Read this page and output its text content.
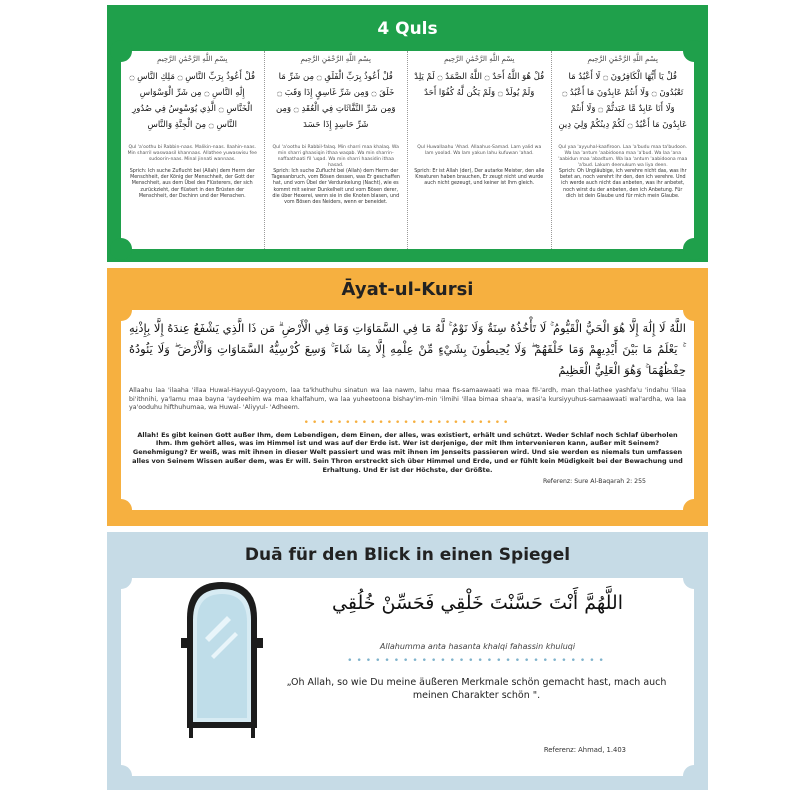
4 Quls
بِسْمِ اللَّهِ الرَّحْمَٰنِ الرَّحِيمِ
قُلْ أَعُوذُ بِرَبِّ النَّاسِ ۝ مَلِكِ النَّاسِ ۝ إِلَٰهِ النَّاسِ ۝ مِن شَرِّ الْوَسْوَاسِ الْخَنَّاسِ ۝ الَّذِي يُوَسْوِسُ فِي صُدُورِ النَّاسِ ۝ مِنَ الْجِنَّةِ وَالنَّاسِ
Qul 'a'oothu bi Rabbin-naas. Malikin-naas. Ilaahin-naas. Min sharril waswaasil khannaas. Allathee yuwaswisu fee sudoorin-naas. Minal jinnati wannaas.
Sprich: Ich suche Zuflucht bei (Allah) dem Herrn der Menschheit, der König der Menschheit, der Gott der Menschheit, aus dem Übel des Flüsterers, der sich zurückzieht, der flüstert in den Brüsten der Menschheit, der Dschinn und der Menschen.
بِسْمِ اللَّهِ الرَّحْمَٰنِ الرَّحِيمِ
قُلْ أَعُوذُ بِرَبِّ الْفَلَقِ ۝ مِن شَرِّ مَا خَلَقَ ۝ وَمِن شَرِّ غَاسِقٍ إِذَا وَقَبَ ۝ وَمِن شَرِّ النَّفَّاثَاتِ فِي الْعُقَدِ ۝ وَمِن شَرِّ حَاسِدٍ إِذَا حَسَدَ
Qul 'a'oothu bi Rabbil-falaq. Min sharri maa khalaq. Wa min sharri ghaasiqin ithaa waqab. Wa min sharrin-naffaathaati fil 'uqad. Wa min sharri haasidin ithaa hasad.
Sprich: Ich suche Zuflucht bei (Allah) dem Herrn der Tagesanbruch, vom Bösen dessen, was Er geschaffen hat, und vom Übel der Verdunkelung (Nacht), wie es kommt mit seiner Dunkelheit und vom Bösen derer, die über Hexerei, wenn sie in die Knoten blasen, und vom Bösen des Neiders, wenn er beneidet.
بِسْمِ اللَّهِ الرَّحْمَٰنِ الرَّحِيمِ
قُلْ هُوَ اللَّهُ أَحَدٌ ۝ اللَّهُ الصَّمَدُ ۝ لَمْ يَلِدْ وَلَمْ يُولَدْ ۝ وَلَمْ يَكُن لَّهُ كُفُوًا أَحَدٌ
Qul Huwallaahu 'Ahad. Allaahus-Samad. Lam yalid wa lam yoolad. Wa lam yakun lahu kufuwan 'ahad.
Sprich: Er ist Allah (der), Der autarke Meister, den alle Kreaturen haben brauchen, Er zeugt nicht und wurde auch nicht gezeugt, und keiner ist Ihm gleich.
بِسْمِ اللَّهِ الرَّحْمَٰنِ الرَّحِيمِ
قُلْ يَا أَيُّهَا الْكَافِرُونَ ۝ لَا أَعْبُدُ مَا تَعْبُدُونَ ۝ وَلَا أَنتُمْ عَابِدُونَ مَا أَعْبُدُ ۝ وَلَا أَنَا عَابِدٌ مَّا عَبَدتُّمْ ۝ وَلَا أَنتُمْ عَابِدُونَ مَا أَعْبُدُ ۝ لَكُمْ دِينُكُمْ وَلِيَ دِينِ
Qul yaa 'ayyuhal-kaafiroon. Laa 'a'budu maa ta'budoon. Wa laa 'antum 'aabidoona maa 'a'bud. Wa laa 'ana 'aabidun maa 'abadtum. Wa laa 'antum 'aabidoona maa 'a'bud. Lakum deenukum wa liya deen.
Sprich: Oh Ungläubige, ich verehre nicht das, was ihr betet an, noch verehrt ihr den, den ich verehre. Und ich werde auch nicht das anbeten, was ihr anbetet, noch wirst du der anbeten, den ich Anbetung. Für dich ist dein Glaube und für mich mein Glaube.
Āyat-ul-Kursi
اللَّهُ لَا إِلَٰهَ إِلَّا هُوَ الْحَيُّ الْقَيُّومُ ۚ لَا تَأْخُذُهُ سِنَةٌ وَلَا نَوْمٌ ۚ لَّهُ مَا فِي السَّمَاوَاتِ وَمَا فِي الْأَرْضِ ۗ مَن ذَا الَّذِي يَشْفَعُ عِندَهُ إِلَّا بِإِذْنِهِ ۚ يَعْلَمُ مَا بَيْنَ أَيْدِيهِمْ وَمَا خَلْفَهُمْ ۖ وَلَا يُحِيطُونَ بِشَيْءٍ مِّنْ عِلْمِهِ إِلَّا بِمَا شَاءَ ۚ وَسِعَ كُرْسِيُّهُ السَّمَاوَاتِ وَالْأَرْضَ ۖ وَلَا يَئُودُهُ حِفْظُهُمَا ۚ وَهُوَ الْعَلِيُّ الْعَظِيمُ
Allaahu laa 'ilaaha 'illaa Huwal-Hayyul-Qayyoom, laa ta'khuthuhu sinatun wa laa nawm, lahu maa fis-samaawaati wa maa fil-'ardh, man thal-lathee yashfa'u 'indahu 'illaa bi'ithnihi, ya'lamu maa bayna 'aydeehim wa maa khalfahum, wa laa yuheetoona bishay'im-min 'ilmihi 'illaa bimaa shaa'a, wasi'a kursiyyuhus-samaawaati wal'ardha, wa laa ya'ooduhu hifthuhumaa, wa Huwal- 'Aliyyul- 'Adheem.
•••••••••••••••••••••••••
Allah! Es gibt keinen Gott außer Ihm, dem Lebendigen, dem Einen, der alles, was existiert, erhält und schützt. Weder Schlaf noch Schlaf überholen Ihm. Ihm gehört alles, was im Himmel ist und was auf der Erde ist. Wer ist derjenige, der mit Ihm intervenieren kann, außer mit Seinem? Genehmigung? Er weiß, was mit ihnen in dieser Welt passiert und was mit ihnen im Jenseits passieren wird. Und sie werden es niemals tun umfassen alles von Seinem Wissen außer dem, was Er will. Sein Thron erstreckt sich über Himmel und Erde, und er fühlt kein Müdigkeit bei der Bewachung und Erhaltung. Und Er ist der Höchste, der Größte.
Referenz: Sure Al-Baqarah 2: 255
Duā für den Blick in einen Spiegel
اللَّهُمَّ أَنْتَ حَسَّنْتَ خَلْقِي فَحَسِّنْ خُلُقِي
Allahumma anta hasanta khalqi fahassin khuluqi
••••••••••••••••••••••••••••
„Oh Allah, so wie Du meine äußeren Merkmale schön gemacht hast, mach auch meinen Charakter schön ".
Referenz: Ahmad, 1.403
